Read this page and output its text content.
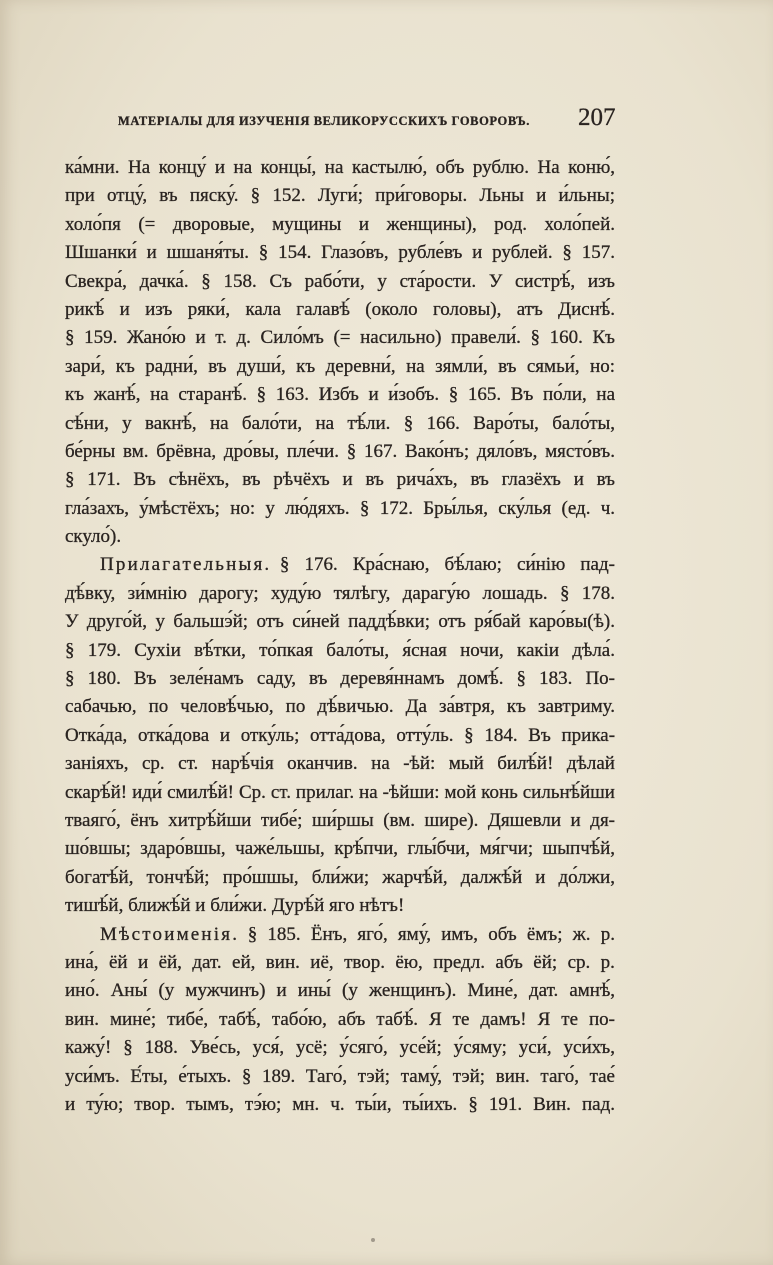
МАТЕРІАЛЫ ДЛЯ ИЗУЧЕНІЯ ВЕЛИКОРУССКИХЪ ГОВОРОВЪ. 207
ка́мни. На концу́ и на концы́, на кастылю́, объ рублю. На коню́,
при отцу́, въ пяску́. § 152. Луги́; при́говоры. Льны и и́льны;
холо́пя (= дворовые, мущины и женщины), род. холо́пей.
Шшанки́ и шшаня́ты. § 154. Глазо́въ, рубле́въ и рублей. § 157.
Свекра́, дачка́. § 158. Съ рабо́ти, у ста́рости. У систрѣ́, изъ
рикѣ́ и изъ ряки́, кала галавѣ́ (около головы), атъ Диснѣ́.
§ 159. Жано́ю и т. д. Сило́мъ (= насильно) правели́. § 160. Къ
зари́, къ радни́, въ души́, къ деревни́, на зямли́, въ сямьи́, но:
къ жанѣ́, на старанѣ́. § 163. Избъ и и́зобъ. § 165. Въ по́ли, на
сѣ́ни, у вакнѣ́, на бало́ти, на тѣ́ли. § 166. Варо́ты, бало́ты,
бе́рны вм. брёвна, дро́вы, пле́чи. § 167. Вако́нъ; дяло́въ, място́въ.
§ 171. Въ сѣнёхъ, въ рѣчёхъ и въ рича́хъ, въ глазёхъ и въ
гла́захъ, у́мѣстёхъ; но: у лю́дяхъ. § 172. Бры́лья, ску́лья (ед. ч.
скуло́).
Прилагательныя. § 176. Кра́снаю, бѣ́лаю; си́нію пад-
дѣ́вку, зи́мнію дарогу; худу́ю тялѣгу, дарагу́ю лошадь. § 178.
У друго́й, у бальшэ́й; отъ си́ней паддѣ́вки; отъ ря́бай каро́вы(ѣ).
§ 179. Сухіи вѣ́тки, то́пкая бало́ты, я́сная ночи, какіи дѣла́.
§ 180. Въ зеле́намъ саду, въ деревя́ннамъ домѣ́. § 183. По-
сабачью, по человѣ́чью, по дѣ́вичью. Да за́втря, къ завтриму.
Отка́да, отка́дова и отку́ль; отта́дова, отту́ль. § 184. Въ прика-
заніяхъ, ср. ст. нарѣ́чія оканчив. на -ѣй: мый билѣ́й! дѣлай
скарѣ́й! иди́ смилѣ́й! Ср. ст. прилаг. на -ѣйши: мой конь сильнѣ́йши
тваяго́, ёнъ хитрѣ́йши тибе́; ши́ршы (вм. шире). Дяшевли и дя-
шо́вшы; здаро́вшы, чаже́льшы, крѣ́пчи, глы́бчи, мя́гчи; шыпчѣ́й,
богатѣ́й, тончѣ́й; про́шшы, бли́жи; жарчѣ́й, далжѣ́й и до́лжи,
тишѣ́й, ближѣ́й и бли́жи. Дурѣ́й яго нѣтъ!
Мѣстоименія. § 185. Ёнъ, яго́, яму́, имъ, объ ёмъ; ж. р.
ина́, ёй и ёй, дат. ей, вин. иё, твор. ёю, предл. абъ ёй; ср. р.
ино́. Аны́ (у мужчинъ) и ины́ (у женщинъ). Мине́, дат. амнѣ́,
вин. мине́; тибе́, табѣ́, табо́ю, абъ табѣ́. Я те дамъ! Я те по-
кажу́! § 188. Уве́сь, уся́, усё; у́сяго́, усе́й; у́сяму; уси́, уси́хъ,
уси́мъ. Е́ты, е́тыхъ. § 189. Таго́, тэй; таму́, тэй; вин. таго́, тае́
и ту́ю; твор. тымъ, тэ́ю; мн. ч. ты́и, ты́ихъ. § 191. Вин. пад.
